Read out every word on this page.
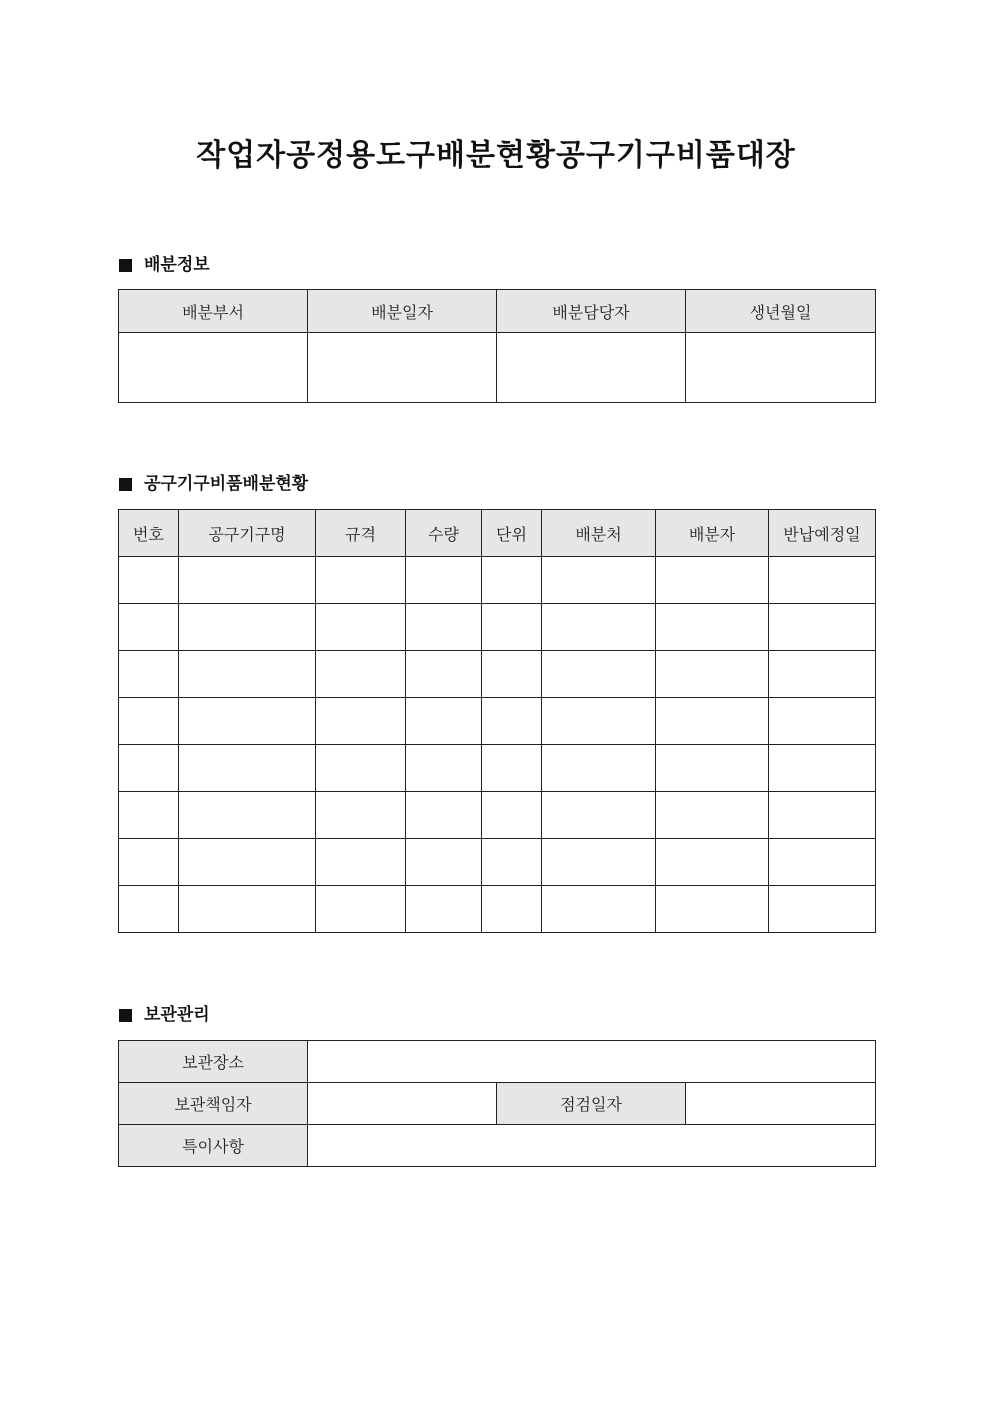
작업자공정용도구배분현황공구기구비품대장
배분정보
배분부서	배분일자	배분담당자	생년월일

공구기구비품배분현황
번호	공구기구명	규격	수량	단위	배분처	배분자	반납예정일

보관관리
보관장소			
보관책임자		점검일자	
특이사항			
